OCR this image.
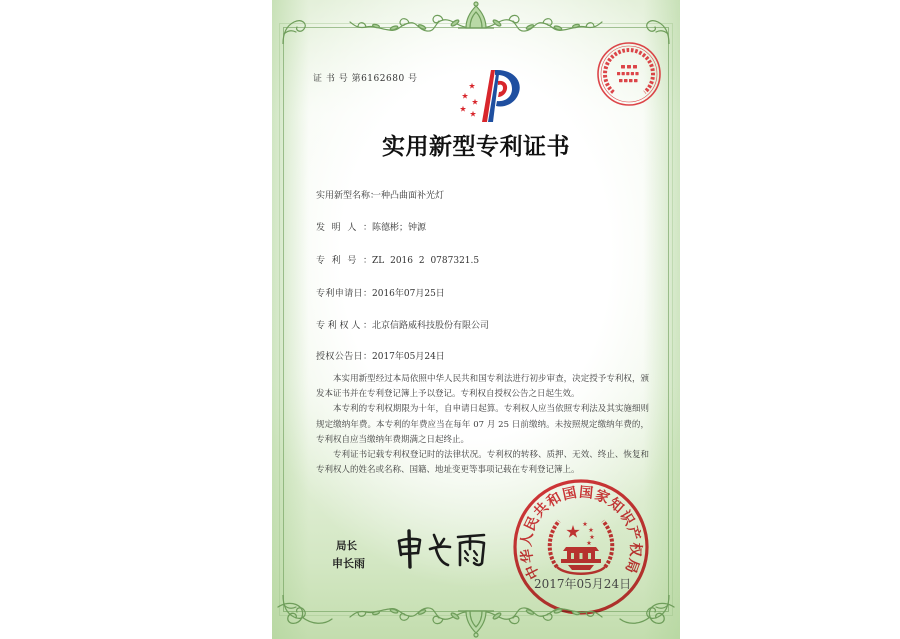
证 书 号 第6162680 号
实用新型专利证书
实用新型名称：一种凸曲面补光灯
发明人：陈德彬；钟源
专利号：ZL 2016 2 0787321.5
专利申请日：2016年07月25日
专利权人：北京信路威科技股份有限公司
授权公告日：2017年05月24日

本实用新型经过本局依照中华人民共和国专利法进行初步审查，决定授予专利权，颁发本证书并在专利登记簿上予以登记。专利权自授权公告之日起生效。

本专利的专利权期限为十年，自申请日起算。专利权人应当依照专利法及其实施细则规定缴纳年费。本专利的年费应当在每年 07 月 25 日前缴纳。未按照规定缴纳年费的，专利权自应当缴纳年费期满之日起终止。

专利证书记载专利权登记时的法律状况。专利权的转移、质押、无效、终止、恢复和专利权人的姓名或名称、国籍、地址变更等事项记载在专利登记簿上。

局长
申长雨	中华人民共和国国家知识产权局
2017年05月24日
